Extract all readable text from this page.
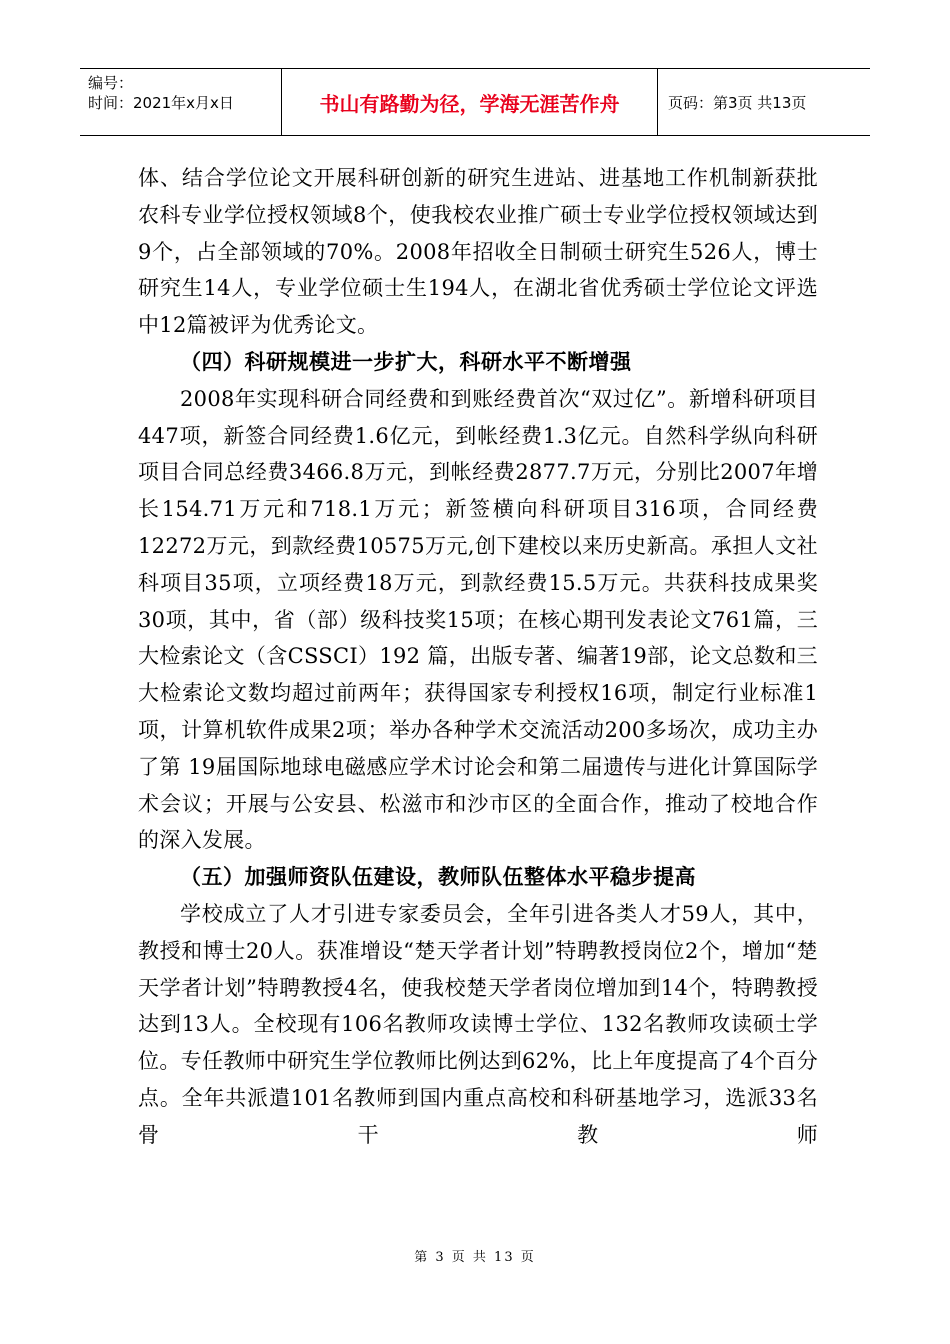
编号：
时间：2021年x月x日	书山有路勤为径，学海无涯苦作舟	页码：第3页 共13页

体、结合学位论文开展科研创新的研究生进站、进基地工作机制新获批农科专业学位授权领域8个，使我校农业推广硕士专业学位授权领域达到9个，占全部领域的70%。2008年招收全日制硕士研究生526人，博士研究生14人，专业学位硕士生194人，在湖北省优秀硕士学位论文评选中12篇被评为优秀论文。

（四）科研规模进一步扩大，科研水平不断增强

2008年实现科研合同经费和到账经费首次“双过亿”。新增科研项目447项，新签合同经费1.6亿元，到帐经费1.3亿元。自然科学纵向科研项目合同总经费3466.8万元，到帐经费2877.7万元，分别比2007年增长154.71万元和718.1万元；新签横向科研项目316项，合同经费12272万元，到款经费10575万元,创下建校以来历史新高。承担人文社科项目35项，立项经费18万元，到款经费15.5万元。共获科技成果奖30项，其中，省（部）级科技奖15项；在核心期刊发表论文761篇，三大检索论文（含CSSCI）192 篇，出版专著、编著19部，论文总数和三大检索论文数均超过前两年；获得国家专利授权16项，制定行业标准1项，计算机软件成果2项；举办各种学术交流活动200多场次，成功主办了第 19届国际地球电磁感应学术讨论会和第二届遗传与进化计算国际学术会议；开展与公安县、松滋市和沙市区的全面合作，推动了校地合作的深入发展。

（五）加强师资队伍建设，教师队伍整体水平稳步提高

学校成立了人才引进专家委员会，全年引进各类人才59人，其中，教授和博士20人。获准增设“楚天学者计划”特聘教授岗位2个，增加“楚天学者计划”特聘教授4名，使我校楚天学者岗位增加到14个，特聘教授达到13人。全校现有106名教师攻读博士学位、132名教师攻读硕士学位。专任教师中研究生学位教师比例达到62%，比上年度提高了4个百分点。全年共派遣101名教师到国内重点高校和科研基地学习，选派33名骨干教师

第 3 页 共 13 页
